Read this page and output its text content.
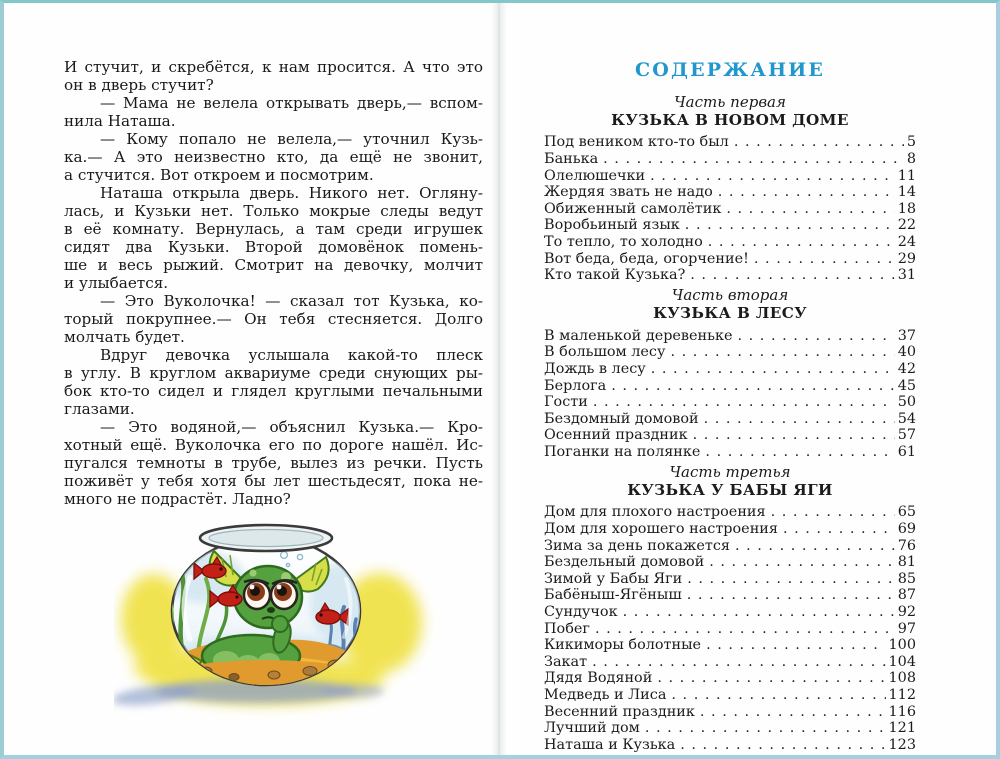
И стучит, и скребётся, к нам просится. А что это
он в дверь стучит?
— Мама не велела открывать дверь,— вспом-
нила Наташа.
— Кому попало не велела,— уточнил Кузь-
ка.— А это неизвестно кто, да ещё не звонит,
а стучится. Вот откроем и посмотрим.
Наташа открыла дверь. Никого нет. Огляну-
лась, и Кузьки нет. Только мокрые следы ведут
в её комнату. Вернулась, а там среди игрушек
сидят два Кузьки. Второй домовёнок помень-
ше и весь рыжий. Смотрит на девочку, молчит
и улыбается.
— Это Вуколочка! — сказал тот Кузька, ко-
торый покрупнее.— Он тебя стесняется. Долго
молчать будет.
Вдруг девочка услышала какой-то плеск
в углу. В круглом аквариуме среди снующих ры-
бок кто-то сидел и глядел круглыми печальными
глазами.
— Это водяной,— объяснил Кузька.— Кро-
хотный ещё. Вуколочка его по дороге нашёл. Ис-
пугался темноты в трубе, вылез из речки. Пусть
поживёт у тебя хотя бы лет шестьдесят, пока не-
много не подрастёт. Ладно?
СОДЕРЖАНИЕ
Часть первая
КУЗЬКА В НОВОМ ДОМЕ
Под веником кто-то был . . .	5
Банька . . .	8
Олелюшечки . . .	11
Жердяя звать не надо . . .	14
Обиженный самолётик . . .	18
Воробьиный язык . . .	22
То тепло, то холодно . . .	24
Вот беда, беда, огорчение! . . .	29
Кто такой Кузька? . . .	31
Часть вторая
КУЗЬКА В ЛЕСУ
В маленькой деревеньке . . .	37
В большом лесу . . .	40
Дождь в лесу . . .	42
Берлога . . .	45
Гости . . .	50
Бездомный домовой . . .	54
Осенний праздник . . .	57
Поганки на полянке . . .	61
Часть третья
КУЗЬКА У БАБЫ ЯГИ
Дом для плохого настроения . . .	65
Дом для хорошего настроения . . .	69
Зима за день покажется . . .	76
Бездельный домовой . . .	81
Зимой у Бабы Яги . . .	85
Бабёныш-Ягёныш . . .	87
Сундучок . . .	92
Побег . . .	97
Кикиморы болотные . . .	100
Закат . . .	104
Дядя Водяной . . .	108
Медведь и Лиса . . .	112
Весенний праздник . . .	116
Лучший дом . . .	121
Наташа и Кузька . . .	123
